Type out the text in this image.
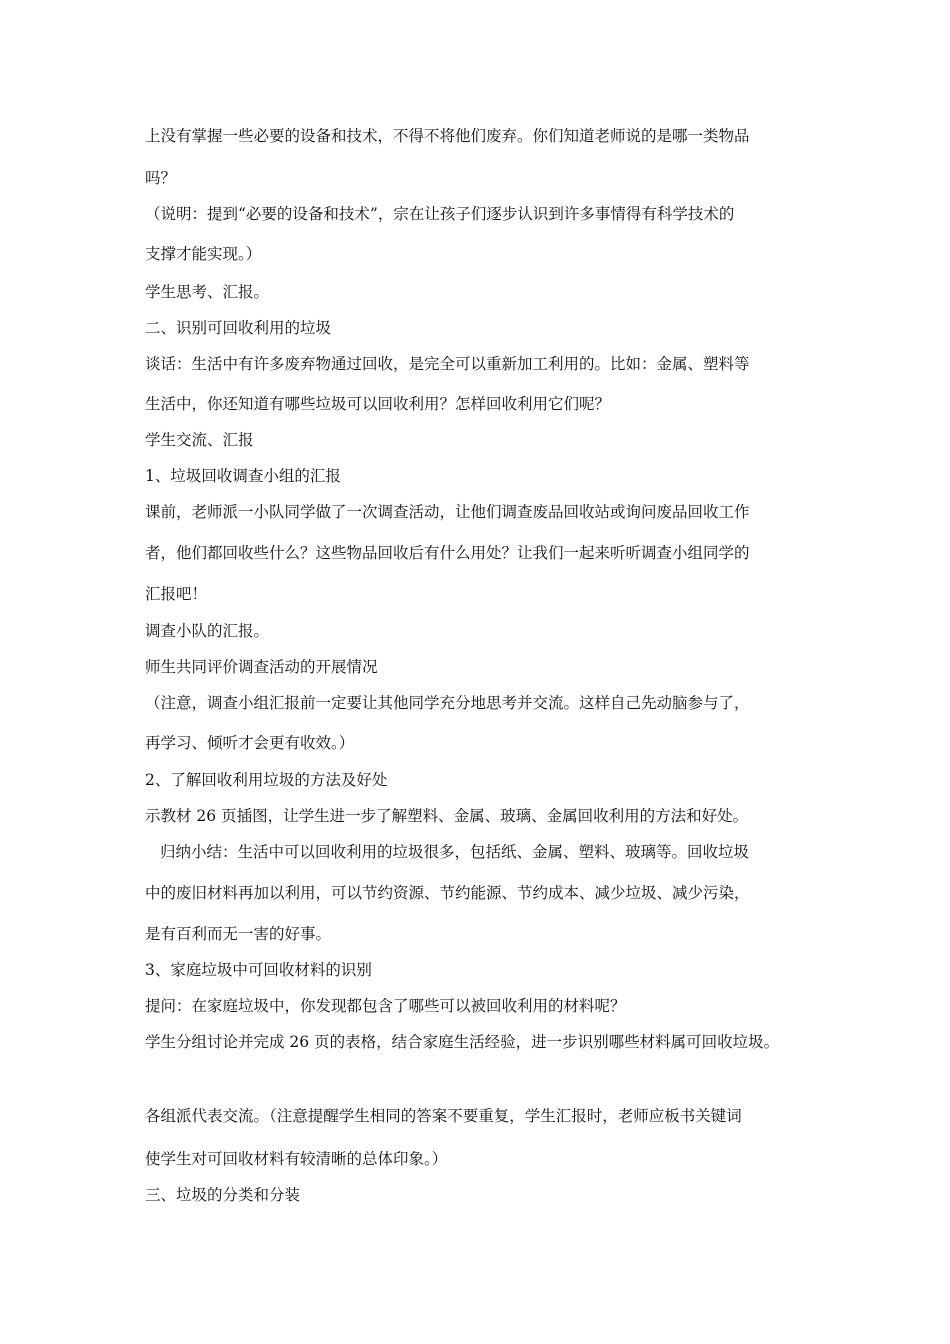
上没有掌握一些必要的设备和技术，不得不将他们废弃。你们知道老师说的是哪一类物品
吗？
（说明：提到“必要的设备和技术”，宗在让孩子们逐步认识到许多事情得有科学技术的
支撑才能实现。）
学生思考、汇报。
二、识别可回收利用的垃圾
谈话：生活中有许多废弃物通过回收，是完全可以重新加工利用的。比如：金属、塑料等
生活中，你还知道有哪些垃圾可以回收利用？怎样回收利用它们呢？
学生交流、汇报
1、垃圾回收调查小组的汇报
课前，老师派一小队同学做了一次调查活动，让他们调查废品回收站或询问废品回收工作
者，他们都回收些什么？这些物品回收后有什么用处？让我们一起来听听调查小组同学的
汇报吧！
调查小队的汇报。
师生共同评价调查活动的开展情况
（注意，调查小组汇报前一定要让其他同学充分地思考并交流。这样自己先动脑参与了，
再学习、倾听才会更有收效。）
2、了解回收利用垃圾的方法及好处
示教材 26 页插图，让学生进一步了解塑料、金属、玻璃、金属回收利用的方法和好处。
归纳小结：生活中可以回收利用的垃圾很多，包括纸、金属、塑料、玻璃等。回收垃圾
中的废旧材料再加以利用，可以节约资源、节约能源、节约成本、减少垃圾、减少污染，
是有百利而无一害的好事。
3、家庭垃圾中可回收材料的识别
提问：在家庭垃圾中，你发现都包含了哪些可以被回收利用的材料呢？
学生分组讨论并完成 26 页的表格，结合家庭生活经验，进一步识别哪些材料属可回收垃圾。
各组派代表交流。（注意提醒学生相同的答案不要重复，学生汇报时，老师应板书关键词
使学生对可回收材料有较清晰的总体印象。）
三、垃圾的分类和分装
